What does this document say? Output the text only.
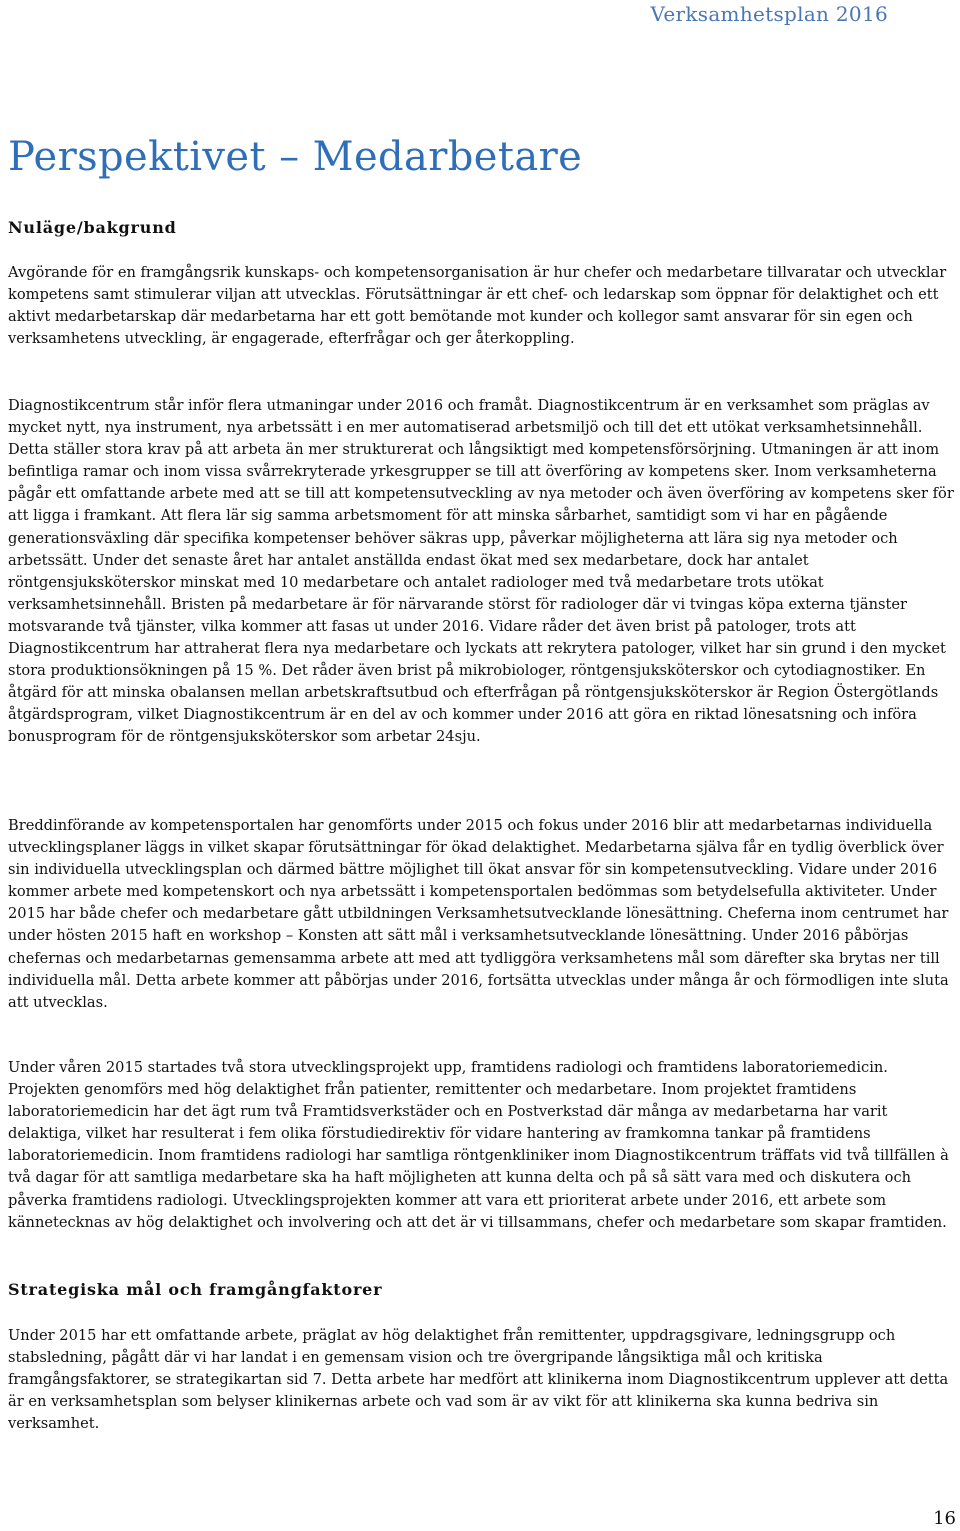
Verksamhetsplan 2016
Perspektivet – Medarbetare
Nuläge/bakgrund

Avgörande för en framgångsrik kunskaps- och kompetensorganisation är hur chefer och medarbetare tillvaratar och utvecklar kompetens samt stimulerar viljan att utvecklas. Förutsättningar är ett chef- och ledarskap som öppnar för delaktighet och ett aktivt medarbetarskap där medarbetarna har ett gott bemötande mot kunder och kollegor samt ansvarar för sin egen och verksamhetens utveckling, är engagerade, efterfrågar och ger återkoppling.

Diagnostikcentrum står inför flera utmaningar under 2016 och framåt. Diagnostikcentrum är en verksamhet som präglas av mycket nytt, nya instrument, nya arbetssätt i en mer automatiserad arbetsmiljö och till det ett utökat verksamhetsinnehåll. Detta ställer stora krav på att arbeta än mer strukturerat och långsiktigt med kompetensförsörjning. Utmaningen är att inom befintliga ramar och inom vissa svårrekryterade yrkesgrupper se till att överföring av kompetens sker. Inom verksamheterna pågår ett omfattande arbete med att se till att kompetensutveckling av nya metoder och även överföring av kompetens sker för att ligga i framkant. Att flera lär sig samma arbetsmoment för att minska sårbarhet, samtidigt som vi har en pågående generationsväxling där specifika kompetenser behöver säkras upp, påverkar möjligheterna att lära sig nya metoder och arbetssätt. Under det senaste året har antalet anställda endast ökat med sex medarbetare, dock har antalet röntgensjuksköterskor minskat med 10 medarbetare och antalet radiologer med två medarbetare trots utökat verksamhetsinnehåll. Bristen på medarbetare är för närvarande störst för radiologer där vi tvingas köpa externa tjänster motsvarande två tjänster, vilka kommer att fasas ut under 2016. Vidare råder det även brist på patologer, trots att Diagnostikcentrum har attraherat flera nya medarbetare och lyckats att rekrytera patologer, vilket har sin grund i den mycket stora produktionsökningen på 15 %. Det råder även brist på mikrobiologer, röntgensjuksköterskor och cytodiagnostiker. En åtgärd för att minska obalansen mellan arbetskraftsutbud och efterfrågan på röntgensjuksköterskor är Region Östergötlands åtgärdsprogram, vilket Diagnostikcentrum är en del av och kommer under 2016 att göra en riktad lönesatsning och införa bonusprogram för de röntgensjuksköterskor som arbetar 24sju.

Breddinförande av kompetensportalen har genomförts under 2015 och fokus under 2016 blir att medarbetarnas individuella utvecklingsplaner läggs in vilket skapar förutsättningar för ökad delaktighet. Medarbetarna själva får en tydlig överblick över sin individuella utvecklingsplan och därmed bättre möjlighet till ökat ansvar för sin kompetensutveckling. Vidare under 2016 kommer arbete med kompetenskort och nya arbetssätt i kompetensportalen bedömmas som betydelsefulla aktiviteter. Under 2015 har både chefer och medarbetare gått utbildningen Verksamhetsutvecklande lönesättning. Cheferna inom centrumet har under hösten 2015 haft en workshop – Konsten att sätt mål i verksamhetsutvecklande lönesättning. Under 2016 påbörjas chefernas och medarbetarnas gemensamma arbete att med att tydliggöra verksamhetens mål som därefter ska brytas ner till individuella mål. Detta arbete kommer att påbörjas under 2016, fortsätta utvecklas under många år och förmodligen inte sluta att utvecklas.

Under våren 2015 startades två stora utvecklingsprojekt upp, framtidens radiologi och framtidens laboratoriemedicin. Projekten genomförs med hög delaktighet från patienter, remittenter och medarbetare. Inom projektet framtidens laboratoriemedicin har det ägt rum två Framtidsverkstäder och en Postverkstad där många av medarbetarna har varit delaktiga, vilket har resulterat i fem olika förstudiedirektiv för vidare hantering av framkomna tankar på framtidens laboratoriemedicin. Inom framtidens radiologi har samtliga röntgenkliniker inom Diagnostikcentrum träffats vid två tillfällen à två dagar för att samtliga medarbetare ska ha haft möjligheten att kunna delta och på så sätt vara med och diskutera och påverka framtidens radiologi. Utvecklingsprojekten kommer att vara ett prioriterat arbete under 2016, ett arbete som kännetecknas av hög delaktighet och involvering och att det är vi tillsammans, chefer och medarbetare som skapar framtiden.

Strategiska mål och framgångfaktorer

Under 2015 har ett omfattande arbete, präglat av hög delaktighet från remittenter, uppdragsgivare, ledningsgrupp och stabsledning, pågått där vi har landat i en gemensam vision och tre övergripande långsiktiga mål och kritiska framgångsfaktorer, se strategikartan sid 7. Detta arbete har medfört att klinikerna inom Diagnostikcentrum upplever att detta är en verksamhetsplan som belyser klinikernas arbete och vad som är av vikt för att klinikerna ska kunna bedriva sin verksamhet.

16
